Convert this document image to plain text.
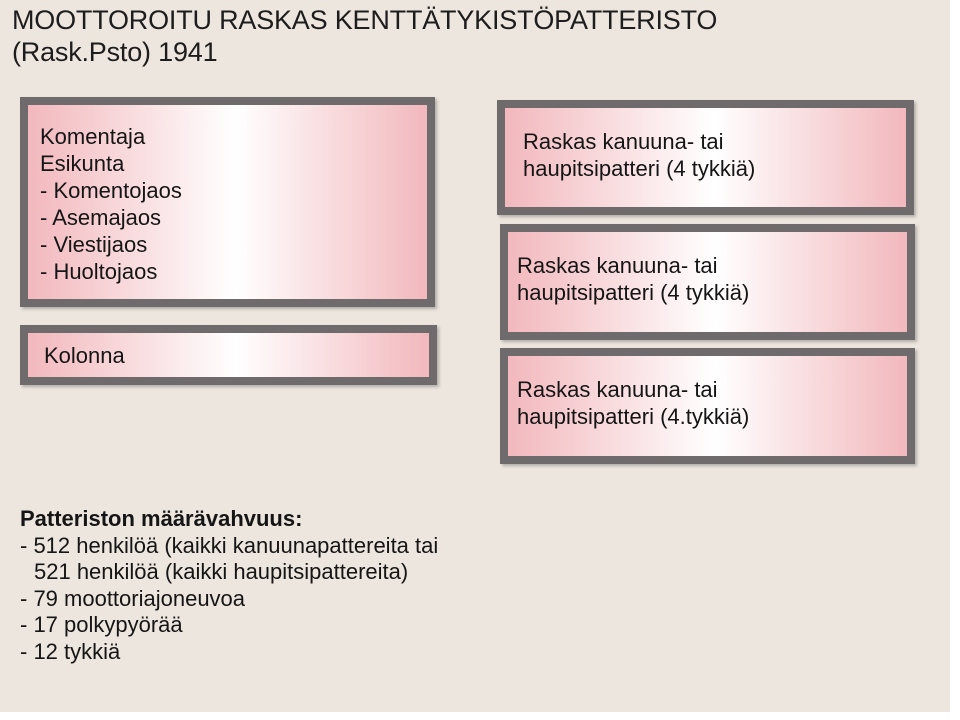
MOOTTOROITU RASKAS KENTTÄTYKISTÖPATTERISTO
(Rask.Psto) 1941
Komentaja
Esikunta
- Komentojaos
- Asemajaos
- Viestijaos
- Huoltojaos
Kolonna
Raskas kanuuna- tai
haupitsipatteri (4 tykkiä)
Raskas kanuuna- tai
haupitsipatteri (4 tykkiä)
Raskas kanuuna- tai
haupitsipatteri (4.tykkiä)
Patteriston määrävahvuus:
- 512 henkilöä (kaikki kanuunapattereita tai
521 henkilöä (kaikki haupitsipattereita)
- 79 moottoriajoneuvoa
- 17 polkypyörää
- 12 tykkiä
